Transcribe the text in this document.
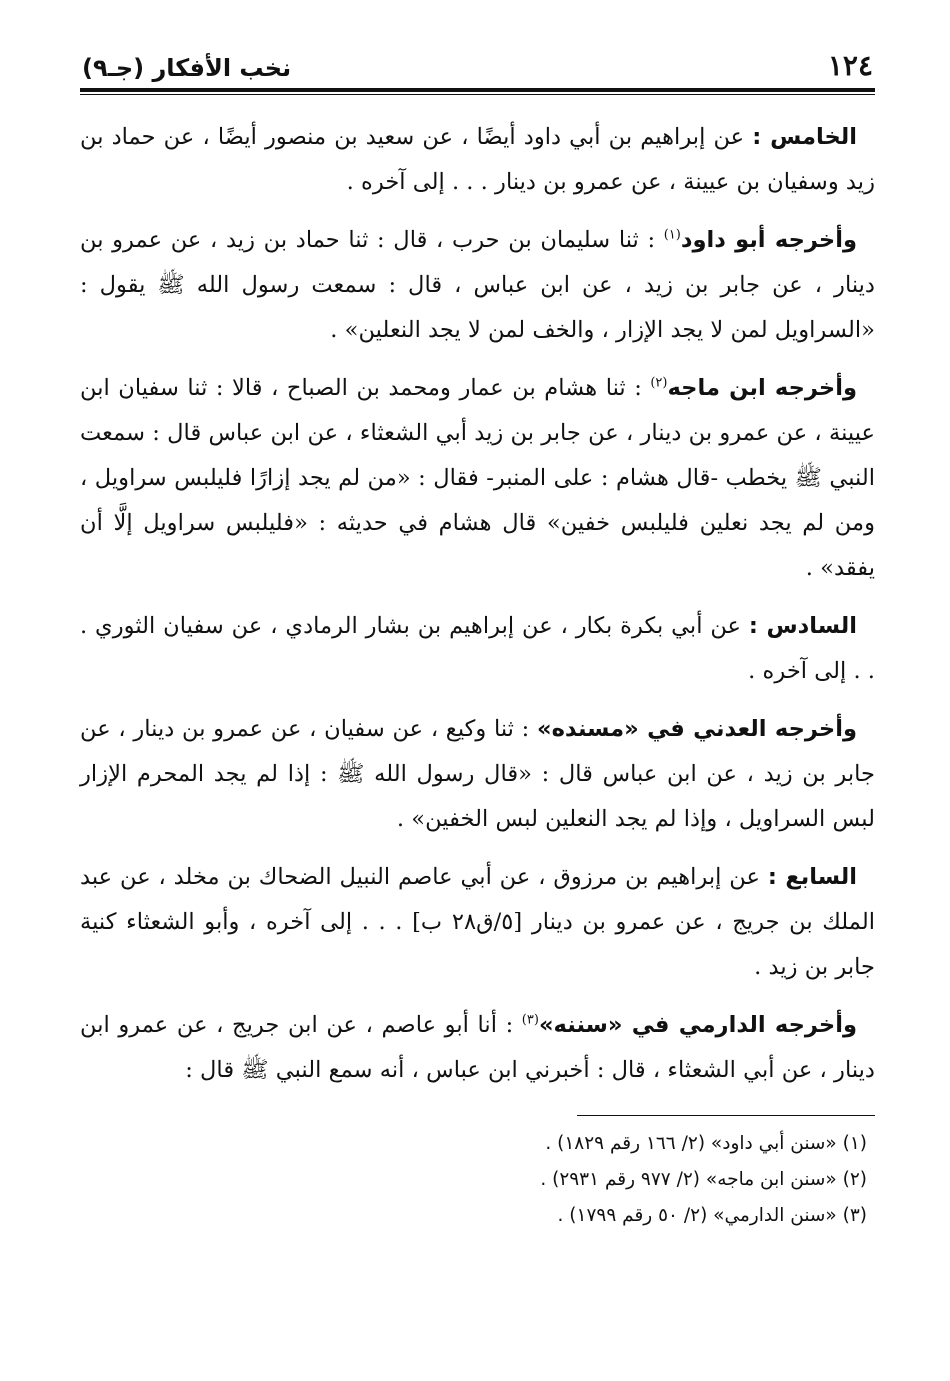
١٢٤
نخب الأفكار (جـ٩)

الخامس : عن إبراهيم بن أبي داود أيضًا ، عن سعيد بن منصور أيضًا ، عن حماد بن زيد وسفيان بن عيينة ، عن عمرو بن دينار . . . إلى آخره .

وأخرجه أبو داود$^{(١)}$ : ثنا سليمان بن حرب ، قال : ثنا حماد بن زيد ، عن عمرو بن دينار ، عن جابر بن زيد ، عن ابن عباس ، قال : سمعت رسول الله ﷺ يقول : «السراويل لمن لا يجد الإزار ، والخف لمن لا يجد النعلين» .

وأخرجه ابن ماجه$^{(٢)}$ : ثنا هشام بن عمار ومحمد بن الصباح ، قالا : ثنا سفيان ابن عيينة ، عن عمرو بن دينار ، عن جابر بن زيد أبي الشعثاء ، عن ابن عباس قال : سمعت النبي ﷺ يخطب -قال هشام : على المنبر- فقال : «من لم يجد إزارًا فليلبس سراويل ، ومن لم يجد نعلين فليلبس خفين» قال هشام في حديثه : «فليلبس سراويل إلَّا أن يفقد» .

السادس : عن أبي بكرة بكار ، عن إبراهيم بن بشار الرمادي ، عن سفيان الثوري . . . إلى آخره .

وأخرجه العدني في «مسنده» : ثنا وكيع ، عن سفيان ، عن عمرو بن دينار ، عن جابر بن زيد ، عن ابن عباس قال : «قال رسول الله ﷺ : إذا لم يجد المحرم الإزار لبس السراويل ، وإذا لم يجد النعلين لبس الخفين» .

السابع : عن إبراهيم بن مرزوق ، عن أبي عاصم النبيل الضحاك بن مخلد ، عن عبد الملك بن جريج ، عن عمرو بن دينار [٥/ق٢٨ ب] . . . إلى آخره ، وأبو الشعثاء كنية جابر بن زيد .

وأخرجه الدارمي في «سننه»$^{(٣)}$ : أنا أبو عاصم ، عن ابن جريج ، عن عمرو ابن دينار ، عن أبي الشعثاء ، قال : أخبرني ابن عباس ، أنه سمع النبي ﷺ قال :

(١) «سنن أبي داود» (٢/ ١٦٦ رقم ١٨٢٩) .
(٢) «سنن ابن ماجه» (٢/ ٩٧٧ رقم ٢٩٣١) .
(٣) «سنن الدارمي» (٢/ ٥٠ رقم ١٧٩٩) .
